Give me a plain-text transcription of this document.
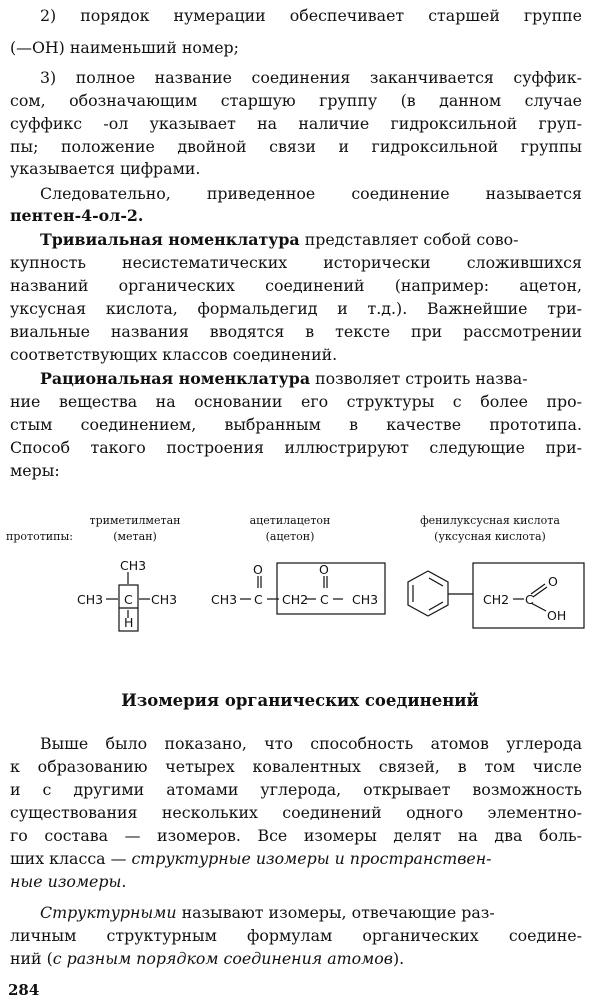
2) порядок нумерации обеспечивает старшей группе
(—OH) наименьший номер;
3) полное название соединения заканчивается суффик-
сом, обозначающим старшую группу (в данном случае
суффикс -ол указывает на наличие гидроксильной груп-
пы; положение двойной связи и гидроксильной группы
указывается цифрами.
Следовательно, приведенное соединение называется
пентен-4-ол-2.
Тривиальная номенклатура представляет собой сово-
купность несистематических исторически сложившихся
названий органических соединений (например: ацетон,
уксусная кислота, формальдегид и т.д.). Важнейшие три-
виальные названия вводятся в тексте при рассмотрении
соответствующих классов соединений.
Рациональная номенклатура позволяет строить назва-
ние вещества на основании его структуры с более про-
стым соединением, выбранным в качестве прототипа.
Способ такого построения иллюстрируют следующие при-
меры:
триметилметан
прототипы:	(метан)
ацетилацетон
(ацетон)
фенилуксусная кислота
(уксусная кислота)
CH3
CH3 C CH3
H
O	O
CH3 C CH2 C CH3	CH2 C
O
OH
Изомерия органических соединений
Выше было показано, что способность атомов углерода
к образованию четырех ковалентных связей, в том числе
и с другими атомами углерода, открывает возможность
существования нескольких соединений одного элементно-
го состава — изомеров. Все изомеры делят на два боль-
ших класса — структурные изомеры и пространствен-
ные изомеры.
Структурными называют изомеры, отвечающие раз-
личным структурным формулам органических соедине-
ний (с разным порядком соединения атомов).
284
